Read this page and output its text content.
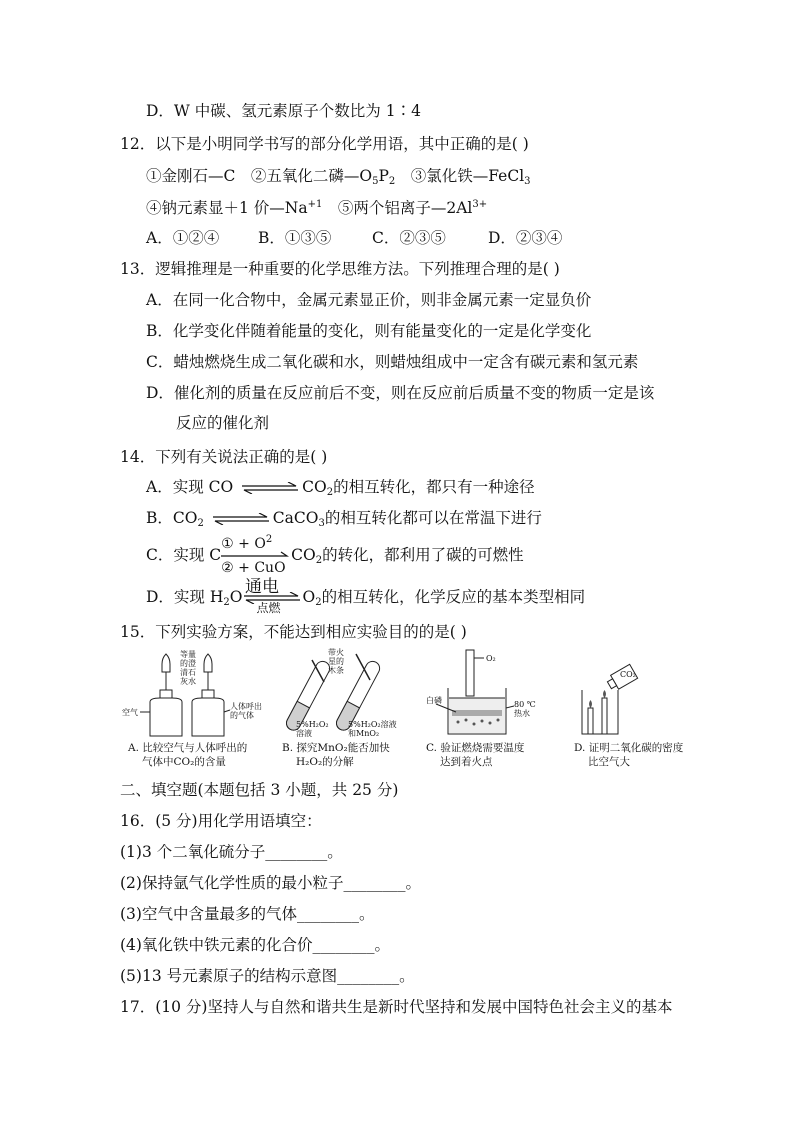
D．W 中碳、氢元素原子个数比为 1∶4
12．以下是小明同学书写的部分化学用语，其中正确的是( )
①金刚石—C　②五氧化二磷$—O_5P_2$　③氯化铁—FeCl$_3$
④钠元素显＋1 价$—Na^{+1}$　⑤两个铝离子$—2Al^{3+}$
A．①②④	B．①③⑤	C．②③⑤	D．②③④
13．逻辑推理是一种重要的化学思维方法。下列推理合理的是( )
A．在同一化合物中，金属元素显正价，则非金属元素一定显负价
B．化学变化伴随着能量的变化，则有能量变化的一定是化学变化
C．蜡烛燃烧生成二氧化碳和水，则蜡烛组成中一定含有碳元素和氢元素
D．催化剂的质量在反应前后不变，则在反应前后质量不变的物质一定是该
反应的催化剂
14．下列有关说法正确的是( )
A．实现 CO ⇌ $CO_2$的相互转化，都只有一种途径
B．$CO_2$ ⇌ CaCO$_3$的相互转化都可以在常温下进行
C．实现 C
① + $O^2$
② + CuO
$CO_2$的转化，都利用了碳的可燃性
通电
D．实现 $H_2O$
点燃
$O_2$的相互转化，化学反应的基本类型相同
15．下列实验方案，不能达到相应实验目的的是( )
等量
的澄
清石
灰水
空气
人体呼出
的气体
A. 比较空气与人体呼出的
气体中CO₂的含量
带火
星的
木条
5%H₂O₂
溶液
5%H₂O₂溶液
和MnO₂
B. 探究MnO₂能否加快
H₂O₂的分解
O₂
白磷	80 ℃
热水
C. 验证燃烧需要温度
达到着火点
CO₂
D. 证明二氧化碳的密度
比空气大
二、填空题(本题包括 3 小题，共 25 分)
16．(5 分)用化学用语填空：
(1)3 个二氧化硫分子________。
(2)保持氩气化学性质的最小粒子________。
(3)空气中含量最多的气体________。
(4)氧化铁中铁元素的化合价________。
(5)13 号元素原子的结构示意图________。
17．(10 分)坚持人与自然和谐共生是新时代坚持和发展中国特色社会主义的基本
